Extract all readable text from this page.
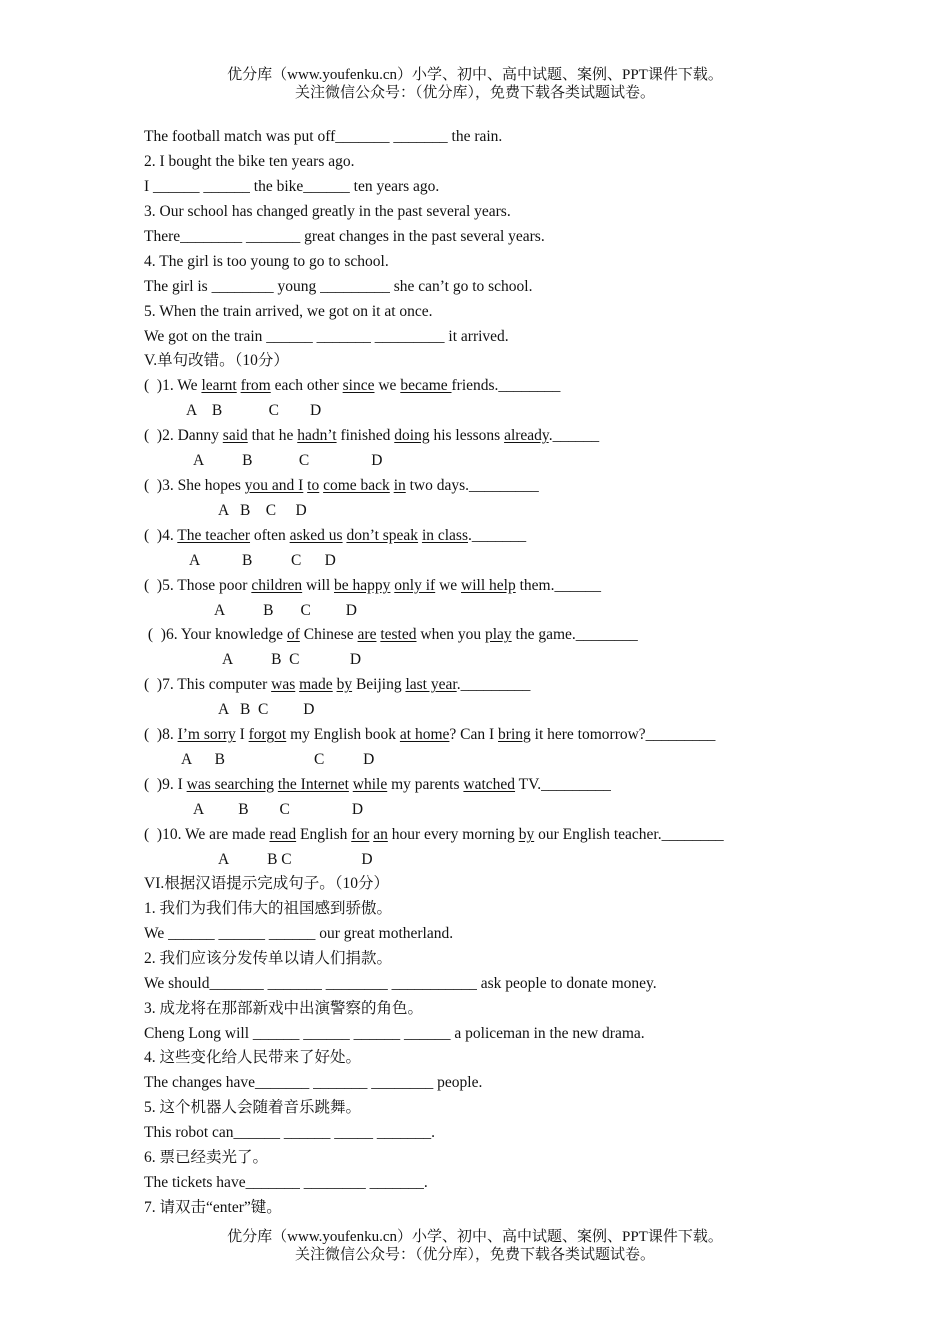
优分库（www.youfenku.cn）小学、初中、高中试题、案例、PPT课件下载。
关注微信公众号：（优分库），免费下载各类试题试卷。
The football match was put off_______ _______ the rain.
2. I bought the bike ten years ago.
I ______ ______ the bike______ ten years ago.
3. Our school has changed greatly in the past several years.
There________ _______ great changes in the past several years.
4. The girl is too young to go to school.
The girl is ________ young _________ she can’t go to school.
5. When the train arrived, we got on it at once.
We got on the train ______ _______ _________ it arrived.
V.单句改错。（10分）
(  )1. We learnt from each other since we became friends.________
A    B            C        D
(  )2. Danny said that he hadn’t finished doing his lessons already.______
A          B            C                D
(  )3. She hopes you and I to come back in two days._________
A   B    C     D
(  )4. The teacher often asked us don’t speak in class._______
A           B          C      D
(  )5. Those poor children will be happy only if we will help them.______
A          B       C         D
(  )6. Your knowledge of Chinese are tested when you play the game.________
A          B  C             D
(  )7. This computer was made by Beijing last year._________
A   B  C         D
(  )8. I’m sorry I forgot my English book at home? Can I bring it here tomorrow?_________
A      B                       C          D
(  )9. I was searching the Internet while my parents watched TV._________
A         B        C                D
(  )10. We are made read English for an hour every morning by our English teacher.________
A          B C                  D
VI.根据汉语提示完成句子。（10分）
1. 我们为我们伟大的祖国感到骄傲。
We ______ ______ ______ our great motherland.
2. 我们应该分发传单以请人们捐款。
We should_______ _______ ________ ___________ ask people to donate money.
3. 成龙将在那部新戏中出演警察的角色。
Cheng Long will ______ ______ ______ ______ a policeman in the new drama.
4. 这些变化给人民带来了好处。
The changes have_______ _______ ________ people.
5. 这个机器人会随着音乐跳舞。
This robot can______ ______ _____ _______.
6. 票已经卖光了。
The tickets have_______ ________ _______.
7. 请双击“enter”键。
优分库（www.youfenku.cn）小学、初中、高中试题、案例、PPT课件下载。
关注微信公众号：（优分库），免费下载各类试题试卷。
